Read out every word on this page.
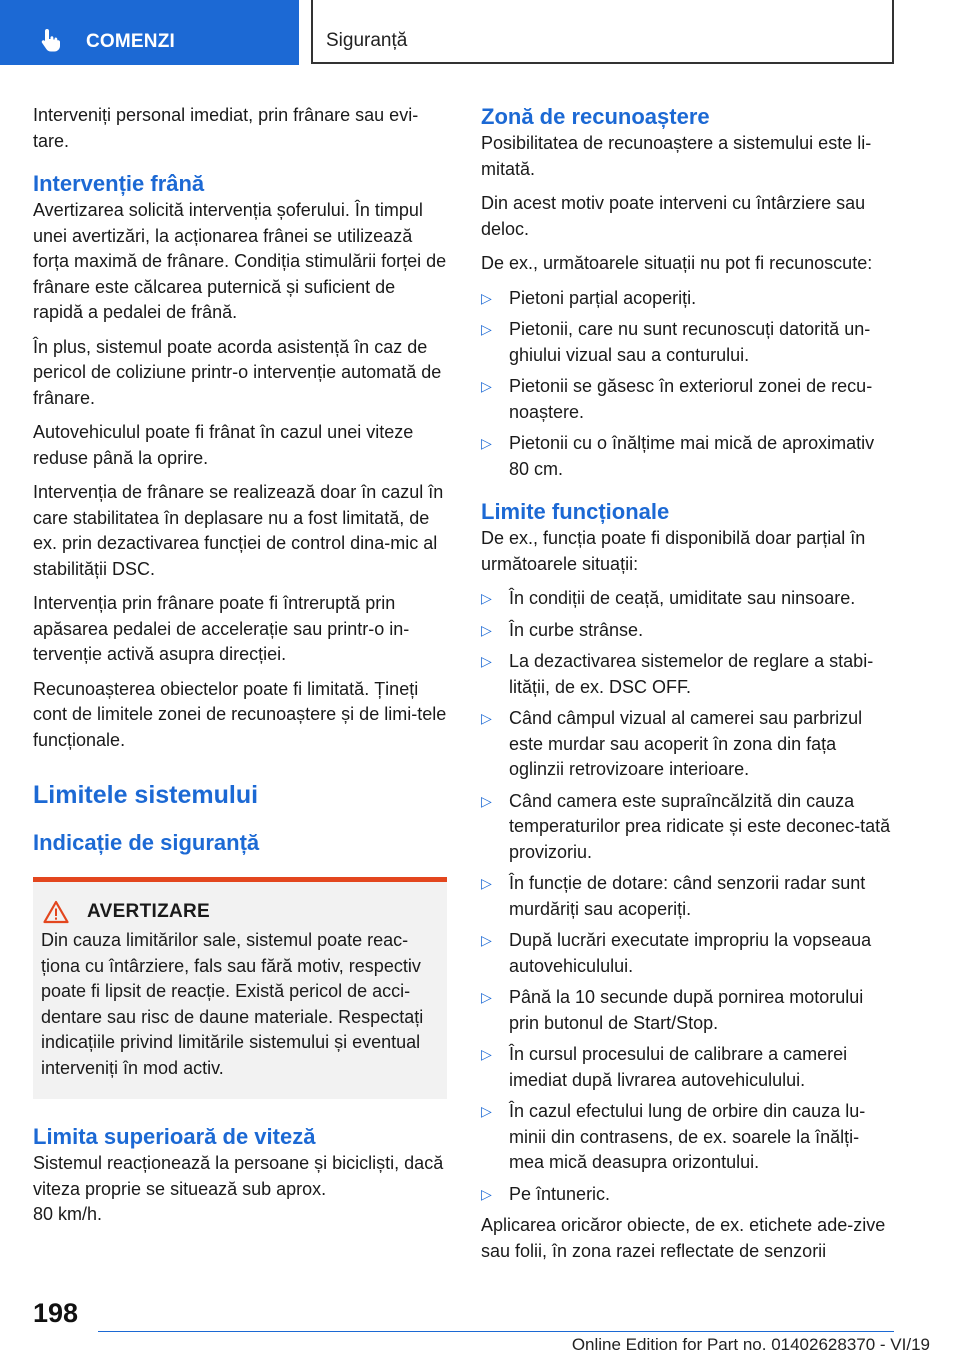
COMENZI	Siguranță

Interveniți personal imediat, prin frânare sau evi-tare.

Intervenție frână

Avertizarea solicită intervenția șoferului. În timpul unei avertizări, la acționarea frânei se utilizează forța maximă de frânare. Condiția stimulării forței de frânare este călcarea puternică și suficient de rapidă a pedalei de frână.

În plus, sistemul poate acorda asistență în caz de pericol de coliziune printr-o intervenție automată de frânare.

Autovehiculul poate fi frânat în cazul unei viteze reduse până la oprire.

Intervenția de frânare se realizează doar în cazul în care stabilitatea în deplasare nu a fost limitată, de ex. prin dezactivarea funcției de control dina-mic al stabilității DSC.

Intervenția prin frânare poate fi întreruptă prin apăsarea pedalei de accelerație sau printr-o in-tervenție activă asupra direcției.

Recunoașterea obiectelor poate fi limitată. Țineți cont de limitele zonei de recunoaștere și de limi-tele funcționale.

Limitele sistemului
Indicație de siguranță
AVERTIZARE

Din cauza limitărilor sale, sistemul poate reac-ționa cu întârziere, fals sau fără motiv, respectiv poate fi lipsit de reacție. Există pericol de acci-dentare sau risc de daune materiale. Respectați indicațiile privind limitările sistemului și eventual interveniți în mod activ.

Limita superioară de viteză

Sistemul reacționează la persoane și bicicliști, dacă viteza proprie se situează sub aprox.

80 km/h.

Zonă de recunoaștere

Posibilitatea de recunoaștere a sistemului este li-mitată.

Din acest motiv poate interveni cu întârziere sau deloc.

De ex., următoarele situații nu pot fi recunoscute:

▷ Pietoni parțial acoperiți.
▷ Pietonii, care nu sunt recunoscuți datorită un-ghiului vizual sau a conturului.
▷ Pietonii se găsesc în exteriorul zonei de recu-noaștere.
▷ Pietonii cu o înălțime mai mică de aproximativ 80 cm.
Limite funcționale

De ex., funcția poate fi disponibilă doar parțial în următoarele situații:

▷ În condiții de ceață, umiditate sau ninsoare.
▷ În curbe strânse.
▷ La dezactivarea sistemelor de reglare a stabi-lității, de ex. DSC OFF.
▷ Când câmpul vizual al camerei sau parbrizul este murdar sau acoperit în zona din fața oglinzii retrovizoare interioare.
▷ Când camera este supraîncălzită din cauza temperaturilor prea ridicate și este deconec-tată provizoriu.
▷ În funcție de dotare: când senzorii radar sunt murdăriți sau acoperiți.
▷ După lucrări executate impropriu la vopseaua autovehiculului.
▷ Până la 10 secunde după pornirea motorului prin butonul de Start/Stop.
▷ În cursul procesului de calibrare a camerei imediat după livrarea autovehiculului.
▷ În cazul efectului lung de orbire din cauza lu-minii din contrasens, de ex. soarele la înălți-mea mică deasupra orizontului.
▷ Pe întuneric.

Aplicarea oricăror obiecte, de ex. etichete ade-zive sau folii, în zona razei reflectate de senzorii

198
Online Edition for Part no. 01402628370 - VI/19
